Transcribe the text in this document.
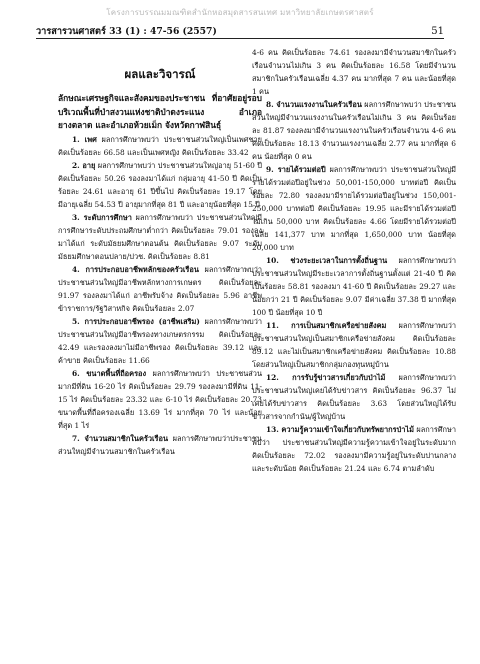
โครงการบรรณมมณฑิตสำนักหอสมุดสารสนเทศ มหาวิทยาลัยเกษตรศาสตร์
วารสารวนศาสตร์ 33 (1) : 47-56 (2557)	51
ผลและวิจารณ์

ลักษณะเศรษฐกิจและสังคมของประชาชน ที่อาศัยอยู่รอบบริเวณพื้นที่ป่าสงวนแห่งชาติป่าดงระแนง อำเภอยางตลาด และอำเภอห้วยเม็ก จังหวัดกาฬสินธุ์

1. เพศ ผลการศึกษาพบว่า ประชาชนส่วนใหญ่เป็นเพศชาย คิดเป็นร้อยละ 66.58 และเป็นเพศหญิง คิดเป็นร้อยละ 33.42

2. อายุ ผลการศึกษาพบว่า ประชาชนส่วนใหญ่อายุ 51-60 ปี คิดเป็นร้อยละ 50.26 รองลงมาได้แก่ กลุ่มอายุ 41-50 ปี คิดเป็นร้อยละ 24.61 และอายุ 61 ปีขึ้นไป คิดเป็นร้อยละ 19.17 โดยมีอายุเฉลี่ย 54.53 ปี อายุมากที่สุด 81 ปี และอายุน้อยที่สุด 15 ปี

3. ระดับการศึกษา ผลการศึกษาพบว่า ประชาชนส่วนใหญ่มีการศึกษาระดับประถมศึกษาต่ำกว่า คิดเป็นร้อยละ 79.01 รองลงมาได้แก่ ระดับมัธยมศึกษาตอนต้น คิดเป็นร้อยละ 9.07 ระดับมัธยมศึกษาตอนปลาย/ปวช. คิดเป็นร้อยละ 8.81

4. การประกอบอาชีพหลักของครัวเรือน ผลการศึกษาพบว่าประชาชนส่วนใหญ่มีอาชีพหลักทางการเกษตร คิดเป็นร้อยละ 91.97 รองลงมาได้แก่ อาชีพรับจ้าง คิดเป็นร้อยละ 5.96 อาชีพข้าราชการ/รัฐวิสาหกิจ คิดเป็นร้อยละ 2.07

5. การประกอบอาชีพรอง (อาชีพเสริม) ผลการศึกษาพบว่า ประชาชนส่วนใหญ่มีอาชีพรองทางเกษตรกรรม คิดเป็นร้อยละ 42.49 และรองลงมาไม่มีอาชีพรอง คิดเป็นร้อยละ 39.12 และค้าขาย คิดเป็นร้อยละ 11.66

6. ขนาดพื้นที่ถือครอง ผลการศึกษาพบว่า ประชาชนส่วนมากมีที่ดิน 16-20 ไร่ คิดเป็นร้อยละ 29.79 รองลงมามีที่ดิน 11-15 ไร่ คิดเป็นร้อยละ 23.32 และ 6-10 ไร่ คิดเป็นร้อยละ 20.73 ขนาดพื้นที่ถือครองเฉลี่ย 13.69 ไร่ มากที่สุด 70 ไร่ และน้อยที่สุด 1 ไร่

7. จำนวนสมาชิกในครัวเรือน ผลการศึกษาพบว่าประชาชนส่วนใหญ่มีจำนวนสมาชิกในครัวเรือน

4-6 คน คิดเป็นร้อยละ 74.61 รองลงมามีจำนวนสมาชิกในครัวเรือนจำนวนไม่เกิน 3 คน คิดเป็นร้อยละ 16.58 โดยมีจำนวนสมาชิกในครัวเรือนเฉลี่ย 4.37 คน มากที่สุด 7 คน และน้อยที่สุด 1 คน

8. จำนวนแรงงานในครัวเรือน ผลการศึกษาพบว่า ประชาชนส่วนใหญ่มีจำนวนแรงงานในครัวเรือนไม่เกิน 3 คน คิดเป็นร้อยละ 81.87 รองลงมามีจำนวนแรงงานในครัวเรือนจำนวน 4-6 คน คิดเป็นร้อยละ 18.13 จำนวนแรงงานเฉลี่ย 2.77 คน มากที่สุด 6 คน น้อยที่สุด 0 คน

9. รายได้รวมต่อปี ผลการศึกษาพบว่า ประชาชนส่วนใหญ่มีรายได้รวมต่อปีอยู่ในช่วง 50,001-150,000 บาทต่อปี คิดเป็นร้อยละ 72.80 รองลงมามีรายได้รวมต่อปีอยู่ในช่วง 150,001-250,000 บาทต่อปี คิดเป็นร้อยละ 19.95 และมีรายได้รวมต่อปีไม่เกิน 50,000 บาท คิดเป็นร้อยละ 4.66 โดยมีรายได้รวมต่อปีเฉลี่ย 141,377 บาท มากที่สุด 1,650,000 บาท น้อยที่สุด 20,000 บาท

10. ช่วงระยะเวลาในการตั้งถิ่นฐาน ผลการศึกษาพบว่าประชาชนส่วนใหญ่มีระยะเวลาการตั้งถิ่นฐานตั้งแต่ 21-40 ปี คิดเป็นร้อยละ 58.81 รองลงมา 41-60 ปี คิดเป็นร้อยละ 29.27 และน้อยกว่า 21 ปี คิดเป็นร้อยละ 9.07 มีค่าเฉลี่ย 37.38 ปี มากที่สุด 100 ปี น้อยที่สุด 10 ปี

11. การเป็นสมาชิกเครือข่ายสังคม ผลการศึกษาพบว่า ประชาชนส่วนใหญ่เป็นสมาชิกเครือข่ายสังคม คิดเป็นร้อยละ 89.12 และไม่เป็นสมาชิกเครือข่ายสังคม คิดเป็นร้อยละ 10.88 โดยส่วนใหญ่เป็นสมาชิกกลุ่มกองทุนหมู่บ้าน

12. การรับรู้ข่าวสารเกี่ยวกับป่าไม้ ผลการศึกษาพบว่า ประชาชนส่วนใหญ่เคยได้รับข่าวสาร คิดเป็นร้อยละ 96.37 ไม่เคยได้รับข่าวสาร คิดเป็นร้อยละ 3.63 โดยส่วนใหญ่ได้รับข่าวสารจากกำนัน/ผู้ใหญ่บ้าน

13. ความรู้ความเข้าใจเกี่ยวกับทรัพยากรป่าไม้ ผลการศึกษาพบว่า ประชาชนส่วนใหญ่มีความรู้ความเข้าใจอยู่ในระดับมาก คิดเป็นร้อยละ 72.02 รองลงมามีความรู้อยู่ในระดับปานกลางและระดับน้อย คิดเป็นร้อยละ 21.24 และ 6.74 ตามลำดับ
